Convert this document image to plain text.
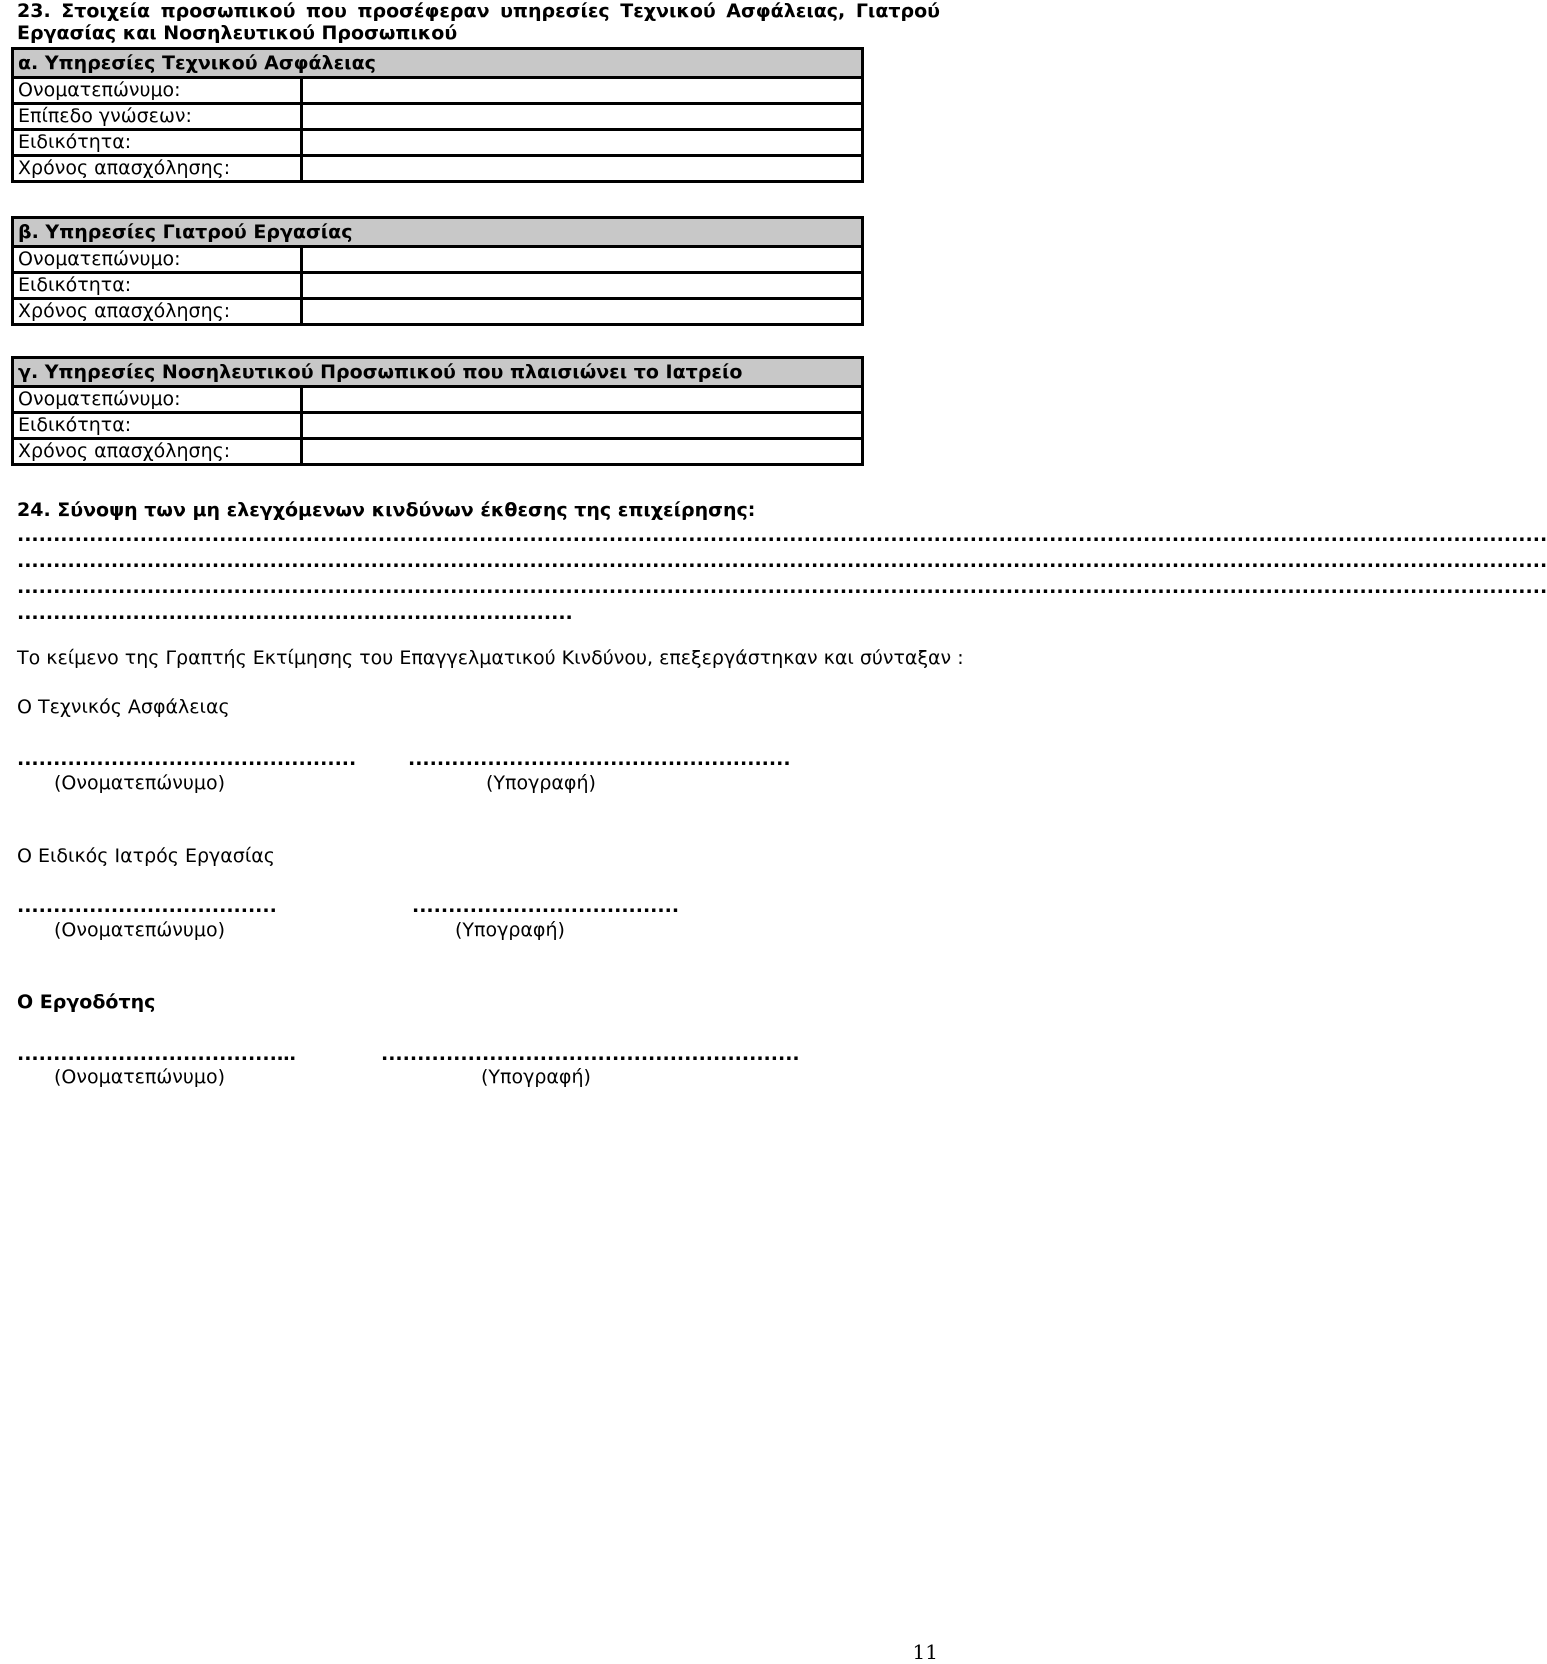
23. Στοιχεία προσωπικού που προσέφεραν υπηρεσίες Τεχνικού Ασφάλειας, Γιατρού
Εργασίας και Νοσηλευτικού Προσωπικού
α. Υπηρεσίες Τεχνικού Ασφάλειας	
Ονοματεπώνυμο:	
Επίπεδο γνώσεων:	
Ειδικότητα:	
Χρόνος απασχόλησης:	
β. Υπηρεσίες Γιατρού Εργασίας	
Ονοματεπώνυμο:	
Ειδικότητα:	
Χρόνος απασχόλησης:	
γ. Υπηρεσίες Νοσηλευτικού Προσωπικού που πλαισιώνει το Ιατρείο	
Ονοματεπώνυμο:	
Ειδικότητα:	
Χρόνος απασχόλησης:	
24. Σύνοψη των μη ελεγχόμενων κινδύνων έκθεσης της επιχείρησης:
....................................................................................................................................................................................................................
....................................................................................................................................................................................................................
....................................................................................................................................................................................................................
.............................................................................
Το κείμενο της Γραπτής Εκτίμησης του Επαγγελματικού Κινδύνου, επεξεργάστηκαν και σύνταξαν :
Ο Τεχνικός Ασφάλειας
...............................................	.....................................................
(Ονοματεπώνυμο)	(Υπογραφή)
Ο Ειδικός Ιατρός Εργασίας
....................................	.....................................
(Ονοματεπώνυμο)	(Υπογραφή)
Ο Εργοδότης
....................................…	..........................................................
(Ονοματεπώνυμο)	(Υπογραφή)
11
